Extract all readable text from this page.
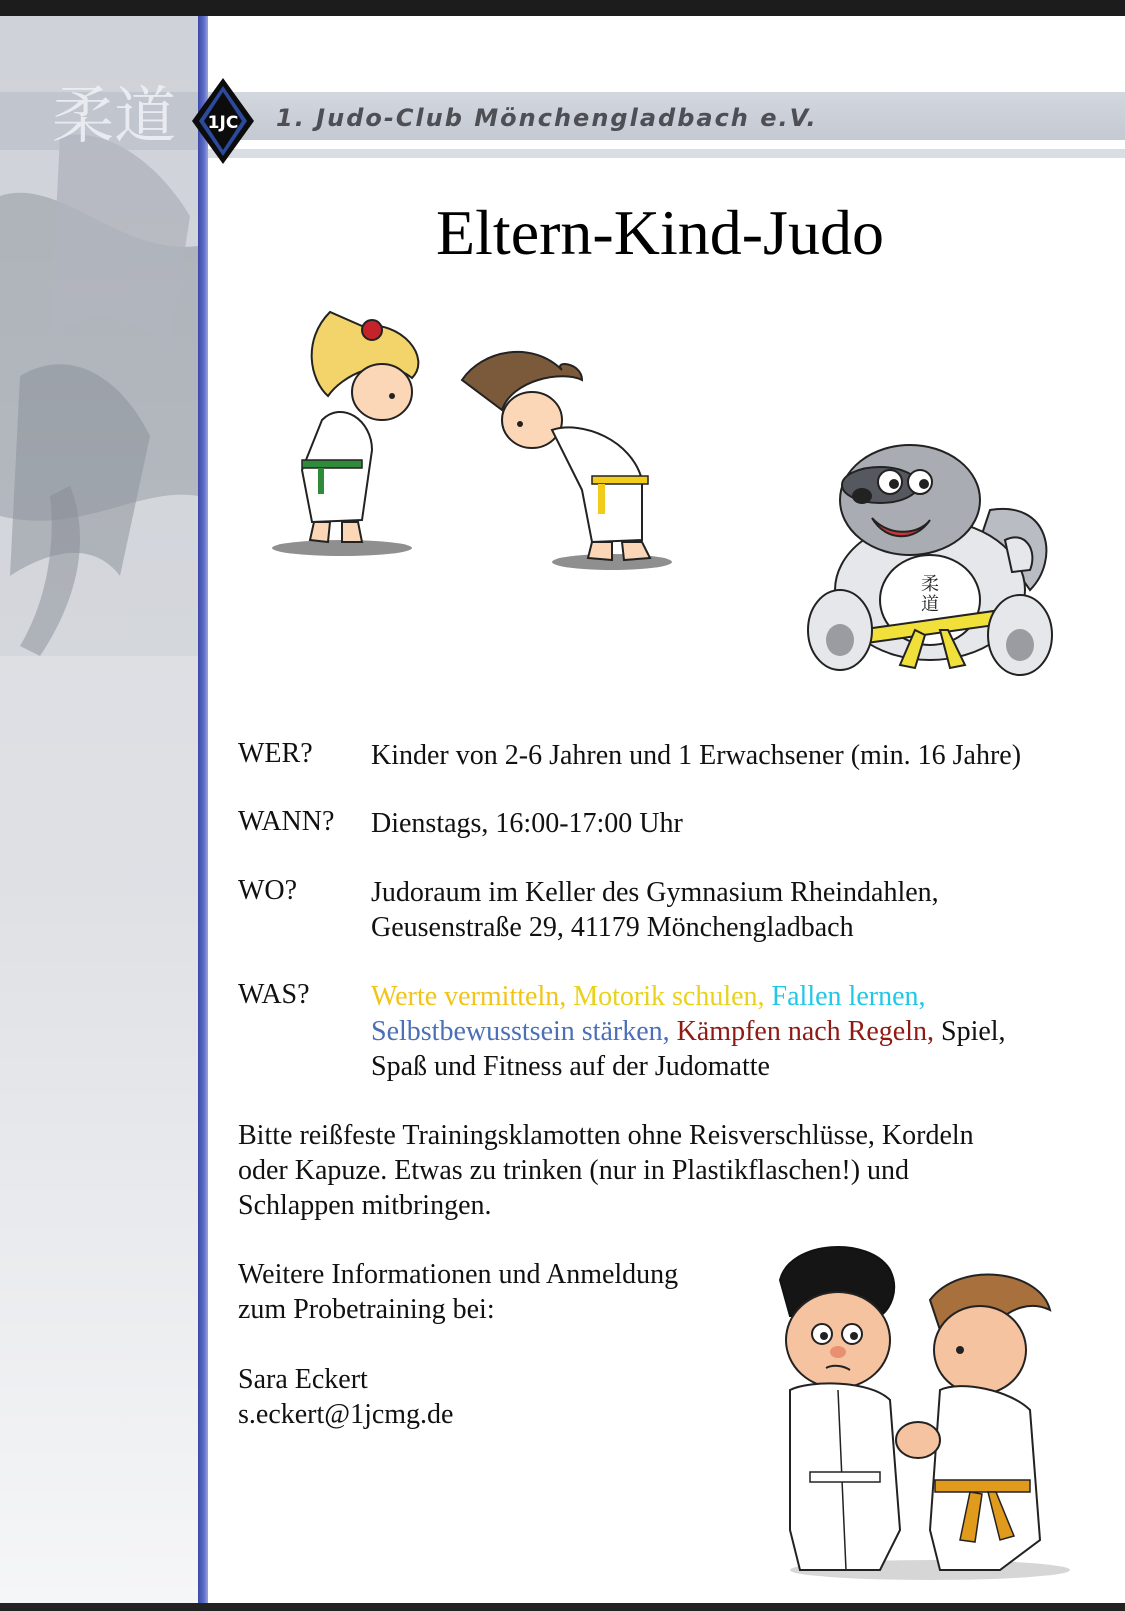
柔道 1JC 1. Judo-Club Mönchengladbach e.V.
Eltern-Kind-Judo
柔
道
WER? Kinder von 2-6 Jahren und 1 Erwachsener (min. 16 Jahre)
WANN? Dienstags, 16:00-17:00 Uhr
WO?	Judoraum im Keller des Gymnasium Rheindahlen,
Geusenstraße 29, 41179 Mönchengladbach
WAS? Werte vermitteln, Motorik schulen, Fallen lernen,
Selbstbewusstsein stärken, Kämpfen nach Regeln, Spiel,
Spaß und Fitness auf der Judomatte
Bitte reißfeste Trainingsklamotten ohne Reisverschlüsse, Kordeln
oder Kapuze. Etwas zu trinken (nur in Plastikflaschen!) und
Schlappen mitbringen.
Weitere Informationen und Anmeldung
zum Probetraining bei:
Sara Eckert
s.eckert@1jcmg.de
